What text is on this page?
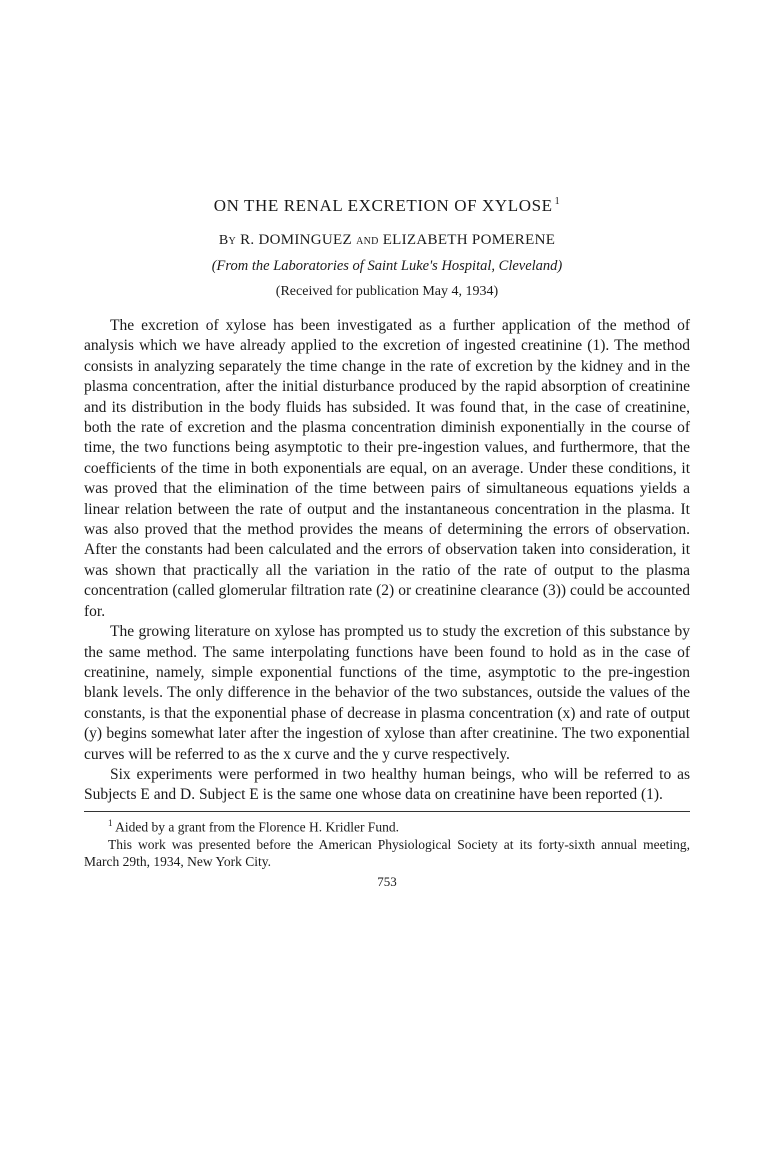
ON THE RENAL EXCRETION OF XYLOSE $^1$
By R. DOMINGUEZ and ELIZABETH POMERENE
(From the Laboratories of Saint Luke's Hospital, Cleveland)
(Received for publication May 4, 1934)

The excretion of xylose has been investigated as a further application of the method of analysis which we have already applied to the excretion of ingested creatinine (1). The method consists in analyzing separately the time change in the rate of excretion by the kidney and in the plasma concentration, after the initial disturbance produced by the rapid absorption of creatinine and its distribution in the body fluids has subsided. It was found that, in the case of creatinine, both the rate of excretion and the plasma concentration diminish exponentially in the course of time, the two functions being asymptotic to their pre-ingestion values, and furthermore, that the coefficients of the time in both exponentials are equal, on an average. Under these conditions, it was proved that the elimination of the time between pairs of simultaneous equations yields a linear relation between the rate of output and the instantaneous concentration in the plasma. It was also proved that the method provides the means of determining the errors of observation. After the constants had been calculated and the errors of observation taken into consideration, it was shown that practically all the variation in the ratio of the rate of output to the plasma concentration (called glomerular filtration rate (2) or creatinine clearance (3)) could be accounted for.

The growing literature on xylose has prompted us to study the excretion of this substance by the same method. The same interpolating functions have been found to hold as in the case of creatinine, namely, simple exponential functions of the time, asymptotic to the pre-ingestion blank levels. The only difference in the behavior of the two substances, outside the values of the constants, is that the exponential phase of decrease in plasma concentration (x) and rate of output (y) begins somewhat later after the ingestion of xylose than after creatinine. The two exponential curves will be referred to as the x curve and the y curve respectively.

Six experiments were performed in two healthy human beings, who will be referred to as Subjects E and D. Subject E is the same one whose data on creatinine have been reported (1).

$^1$ Aided by a grant from the Florence H. Kridler Fund.

This work was presented before the American Physiological Society at its forty-sixth annual meeting, March 29th, 1934, New York City.

753
